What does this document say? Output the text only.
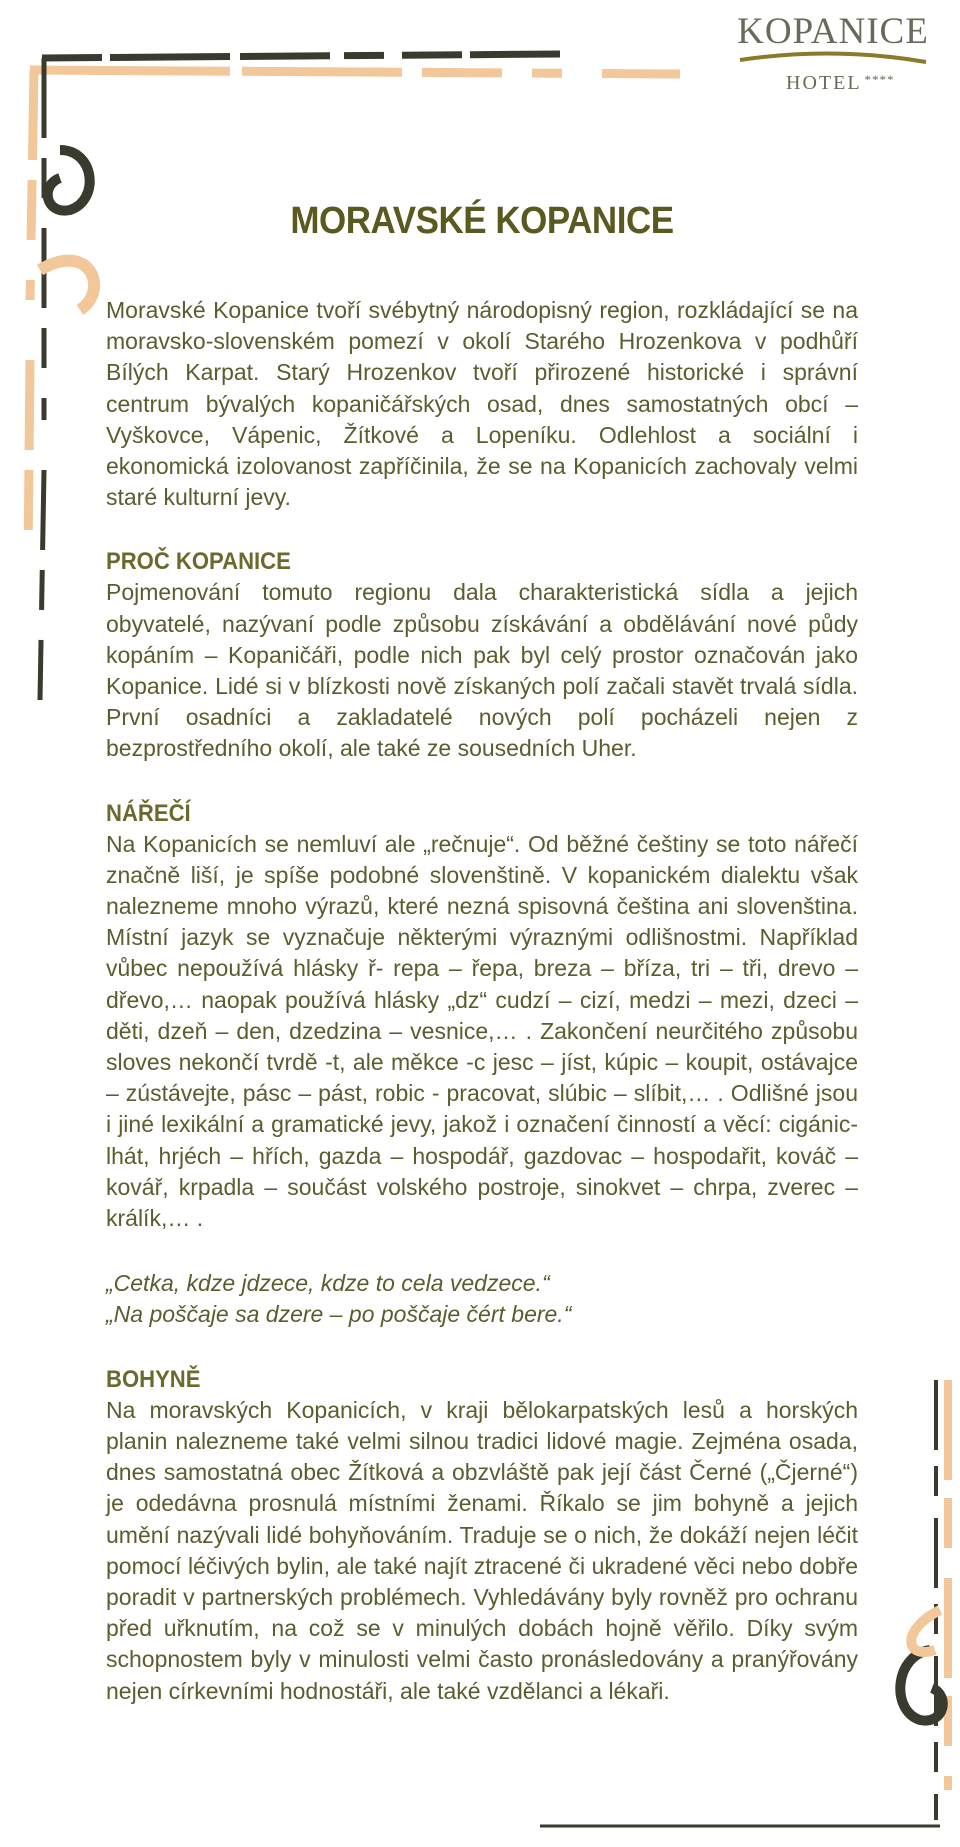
KOPANICE
HOTEL ****
MORAVSKÉ KOPANICE

Moravské Kopanice tvoří svébytný národopisný region, rozkládající se na moravsko-slovenském pomezí v okolí Starého Hrozenkova v podhůří Bílých Karpat. Starý Hrozenkov tvoří přirozené historické i správní centrum bývalých kopaničářských osad, dnes samostatných obcí – Vyškovce, Vápenic, Žítkové a Lopeníku. Odlehlost a sociální i ekonomická izolovanost zapříčinila, že se na Kopanicích zachovaly velmi staré kulturní jevy.

PROČ KOPANICE

Pojmenování tomuto regionu dala charakteristická sídla a jejich obyvatelé, nazývaní podle způsobu získávání a obdělávání nové půdy kopáním – Kopaničáři, podle nich pak byl celý prostor označován jako Kopanice. Lidé si v blízkosti nově získaných polí začali stavět trvalá sídla. První osadníci a zakladatelé nových polí pocházeli nejen z bezprostředního okolí, ale také ze sousedních Uher.

NÁŘEČÍ

Na Kopanicích se nemluví ale „rečnuje“. Od běžné češtiny se toto nářečí značně liší, je spíše podobné slovenštině. V kopanickém dialektu však nalezneme mnoho výrazů, které nezná spisovná čeština ani slovenština. Místní jazyk se vyznačuje některými výraznými odlišnostmi. Například vůbec nepoužívá hlásky ř- repa – řepa, breza – bříza, tri – tři, drevo – dřevo,… naopak používá hlásky „dz“ cudzí – cizí, medzi – mezi, dzeci – děti, dzeň – den, dzedzina – vesnice,… . Zakončení neurčitého způsobu sloves nekončí tvrdě -t, ale měkce -c jesc – jíst, kúpic – koupit, ostávajce – zústávejte, pásc – pást, robic - pracovat, slúbic – slíbit,… . Odlišné jsou i jiné lexikální a gramatické jevy, jakož i označení činností a věcí: cigánic- lhát, hrjéch – hřích, gazda – hospodář, gazdovac – hospodařit, kováč – kovář, krpadla – součást volského postroje, sinokvet – chrpa, zverec – králík,… .

„Cetka, kdze jdzece, kdze to cela vedzece.“

„Na poščaje sa dzere – po poščaje čért bere.“

BOHYNĚ

Na moravských Kopanicích, v kraji bělokarpatských lesů a horských planin nalezneme také velmi silnou tradici lidové magie. Zejména osada, dnes samostatná obec Žítková a obzvláště pak její část Černé („Čjerné“) je odedávna prosnulá místními ženami. Říkalo se jim bohyně a jejich umění nazývali lidé bohyňováním. Traduje se o nich, že dokáží nejen léčit pomocí léčivých bylin, ale také najít ztracené či ukradené věci nebo dobře poradit v partnerských problémech. Vyhledávány byly rovněž pro ochranu před uřknutím, na což se v minulých dobách hojně věřilo. Díky svým schopnostem byly v minulosti velmi často pronásledovány a pranýřovány nejen církevními hodnostáři, ale také vzdělanci a lékaři.
